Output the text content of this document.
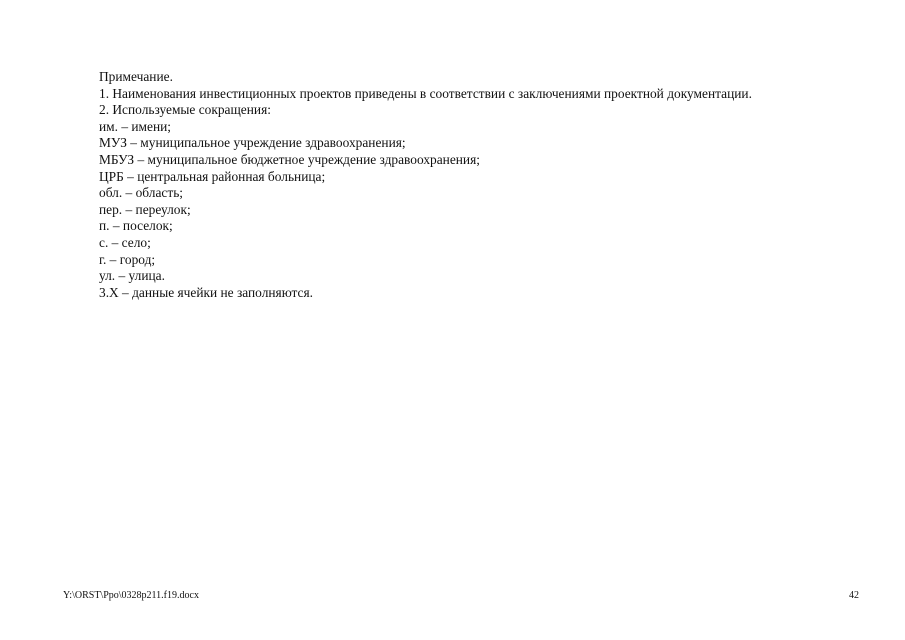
Примечание.
1. Наименования инвестиционных проектов приведены в соответствии с заключениями проектной документации.
2. Используемые сокращения:
им. – имени;
МУЗ – муниципальное учреждение здравоохранения;
МБУЗ – муниципальное бюджетное учреждение здравоохранения;
ЦРБ – центральная районная больница;
обл. – область;
пер. – переулок;
п. – поселок;
с. – село;
г. – город;
ул. – улица.
3.Х – данные ячейки не заполняются.
Y:\ORST\Ppo\0328p211.f19.docx	42
